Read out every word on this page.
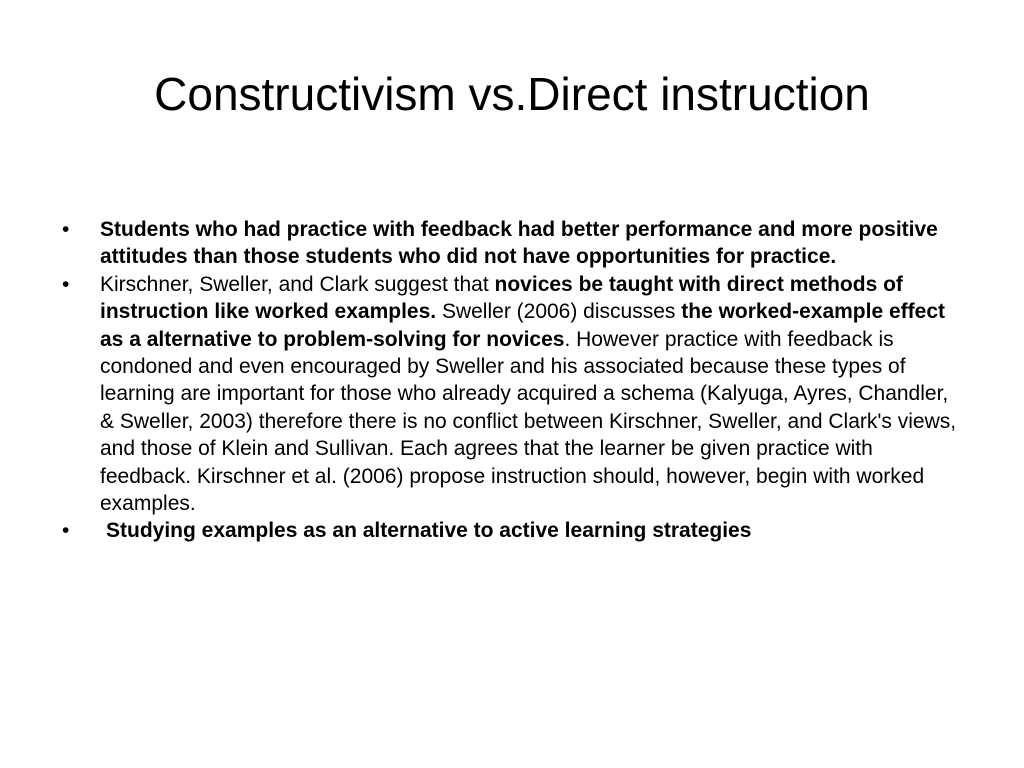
Constructivism vs.Direct instruction
•	Students who had practice with feedback had better performance and more positive attitudes than those students who did not have opportunities for practice.
•	Kirschner, Sweller, and Clark suggest that novices be taught with direct methods of instruction like worked examples. Sweller (2006) discusses the worked-example effect as a alternative to problem-solving for novices. However practice with feedback is condoned and even encouraged by Sweller and his associated because these types of learning are important for those who already acquired a schema (Kalyuga, Ayres, Chandler, & Sweller, 2003) therefore there is no conflict between Kirschner, Sweller, and Clark's views, and those of Klein and Sullivan. Each agrees that the learner be given practice with feedback. Kirschner et al. (2006) propose instruction should, however, begin with worked examples.
•	Studying examples as an alternative to active learning strategies
